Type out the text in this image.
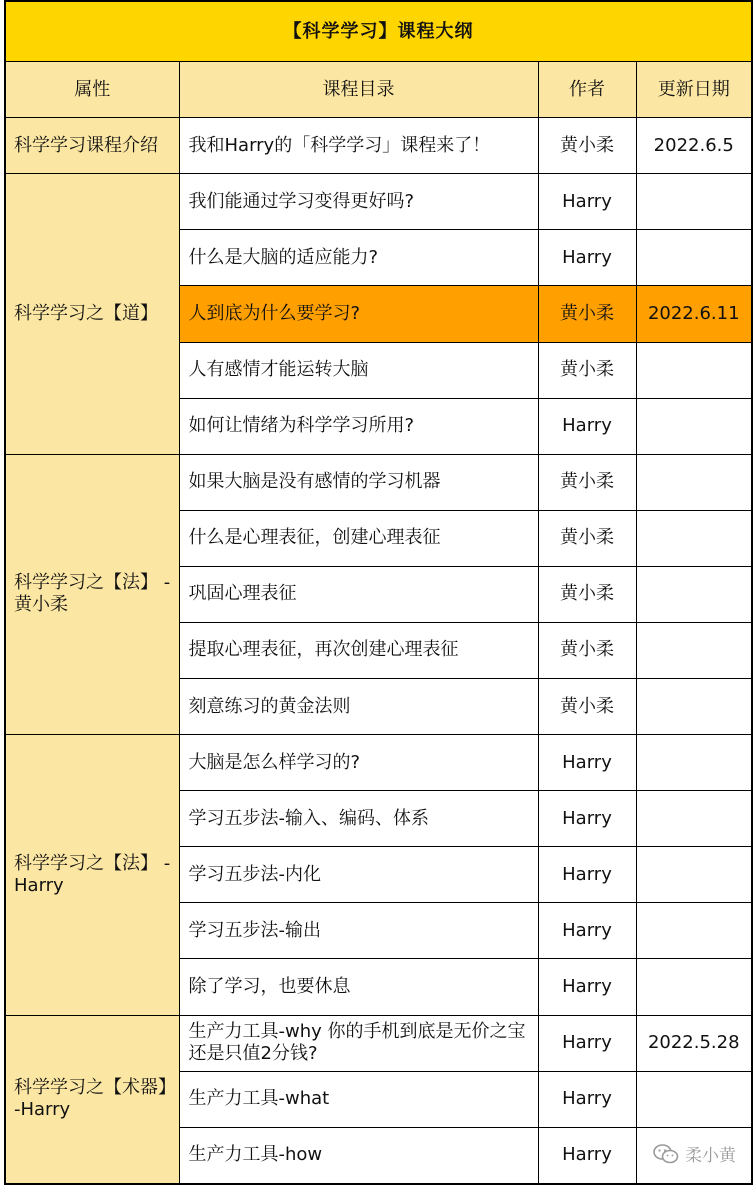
【科学学习】课程大纲			
属性	课程目录	作者	更新日期
科学学习课程介绍	我和Harry的「科学学习」课程来了！	黄小柔	2022.6.5
科学学习之【道】	我们能通过学习变得更好吗?	Harry	
	什么是大脑的适应能力?	Harry	
	人到底为什么要学习?	黄小柔	2022.6.11
	人有感情才能运转大脑	黄小柔	
	如何让情绪为科学学习所用?	Harry	
科学学习之【法】 -黄小柔	如果大脑是没有感情的学习机器	黄小柔	
	什么是心理表征，创建心理表征	黄小柔	
	巩固心理表征	黄小柔	
	提取心理表征，再次创建心理表征	黄小柔	
	刻意练习的黄金法则	黄小柔	
科学学习之【法】 -Harry	大脑是怎么样学习的?	Harry	
	学习五步法-输入、编码、体系	Harry	
	学习五步法-内化	Harry	
	学习五步法-输出	Harry	
	除了学习，也要休息	Harry	
科学学习之【术器】 -Harry	生产力工具-why 你的手机到底是无价之宝还是只值2分钱?	Harry	2022.5.28
	生产力工具-what	Harry	
	生产力工具-how	Harry		柔小黄
